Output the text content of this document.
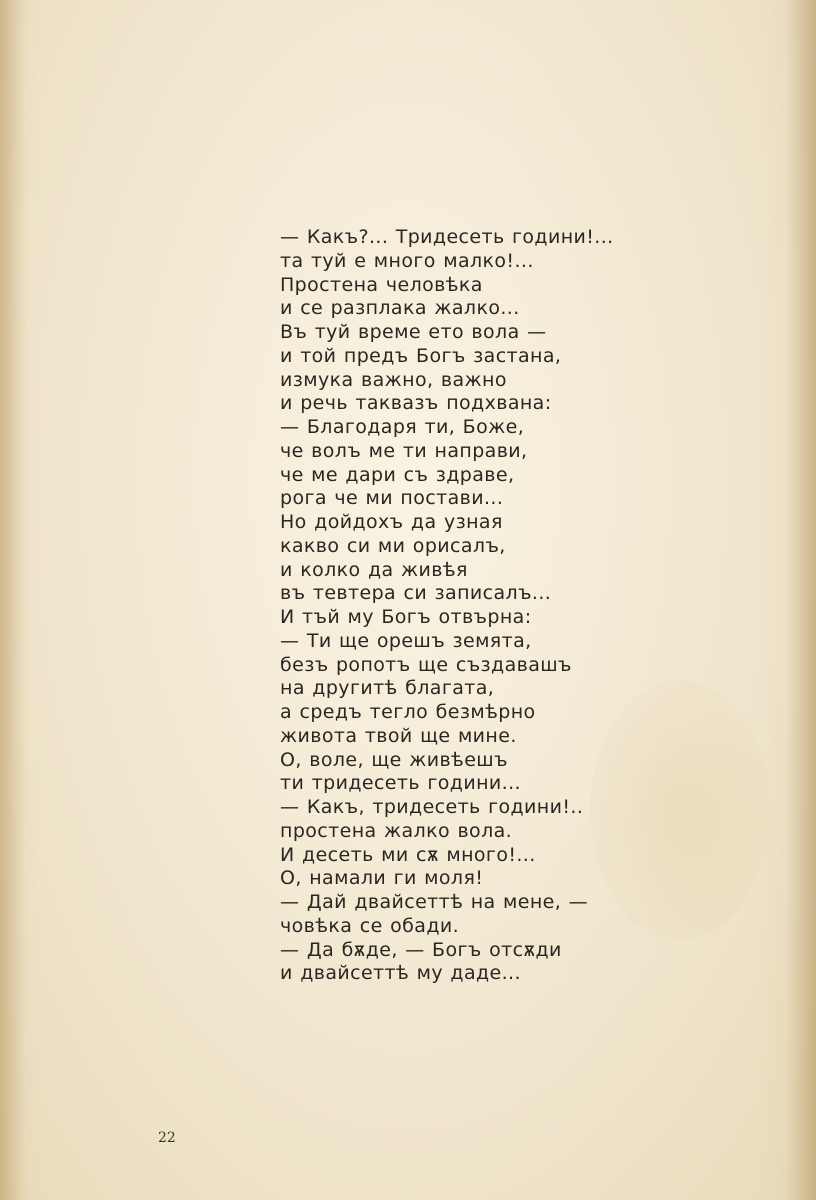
— Какъ?... Тридесеть години!...
та туй е много малко!...
Простена человѣка
и се разплака жалко...
Въ туй време ето вола —
и той предъ Богъ застана,
измука важно, важно
и речь таквазъ подхвана:
— Благодаря ти, Боже,
че волъ ме ти направи,
че ме дари съ здраве,
рога че ми постави...
Но дойдохъ да узная
какво си ми орисалъ,
и колко да живѣя
въ тевтера си записалъ...
И тъй му Богъ отвърна:
— Ти ще орешъ земята,
безъ ропотъ ще създавашъ
на другитѣ благата,
а средъ тегло безмѣрно
живота твой ще мине.
О, воле, ще живѣешъ
ти тридесеть години...
— Какъ, тридесеть години!..
простена жалко вола.
И десеть ми сѫ много!...
О, намали ги моля!
— Дай двайсеттѣ на мене, —
човѣка се обади.
— Да бѫде, — Богъ отсѫди
и двайсеттѣ му даде...
22
